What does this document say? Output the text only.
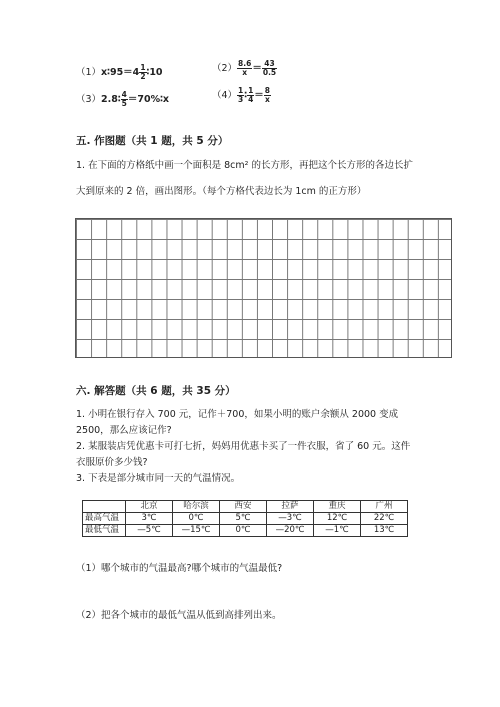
（1）x∶95＝4 $\frac{1}{2}$ ∶10	$(2) \frac{8.6}{x} = \frac{43}{0.5}$
（3）2.8∶ $\frac{4}{5}$ ＝70%∶x	$(4) \frac{1}{3}$ ∶ $\frac{1}{4} = \frac{8}{x}$
五. 作图题（共 1 题，共 5 分）
1. 在下面的方格纸中画一个面积是 8cm² 的长方形，再把这个长方形的各边长扩
大到原来的 2 倍，画出图形。（每个方格代表边长为 1cm 的正方形）
六. 解答题（共 6 题，共 35 分）
1. 小明在银行存入 700 元，记作＋700，如果小明的账户余额从 2000 变成
2500，那么应该记作?
2. 某服装店凭优惠卡可打七折，妈妈用优惠卡买了一件衣服，省了 60 元。这件
衣服原价多少钱?
3. 下表是部分城市同一天的气温情况。
	北京	哈尔滨	西安	拉萨	重庆	广州
最高气温	3℃	0℃	5℃	—3℃	12℃	22℃
最低气温	—5℃	—15℃	0℃	—20℃	—1℃	13℃
（1）哪个城市的气温最高?哪个城市的气温最低?
（2）把各个城市的最低气温从低到高排列出来。
